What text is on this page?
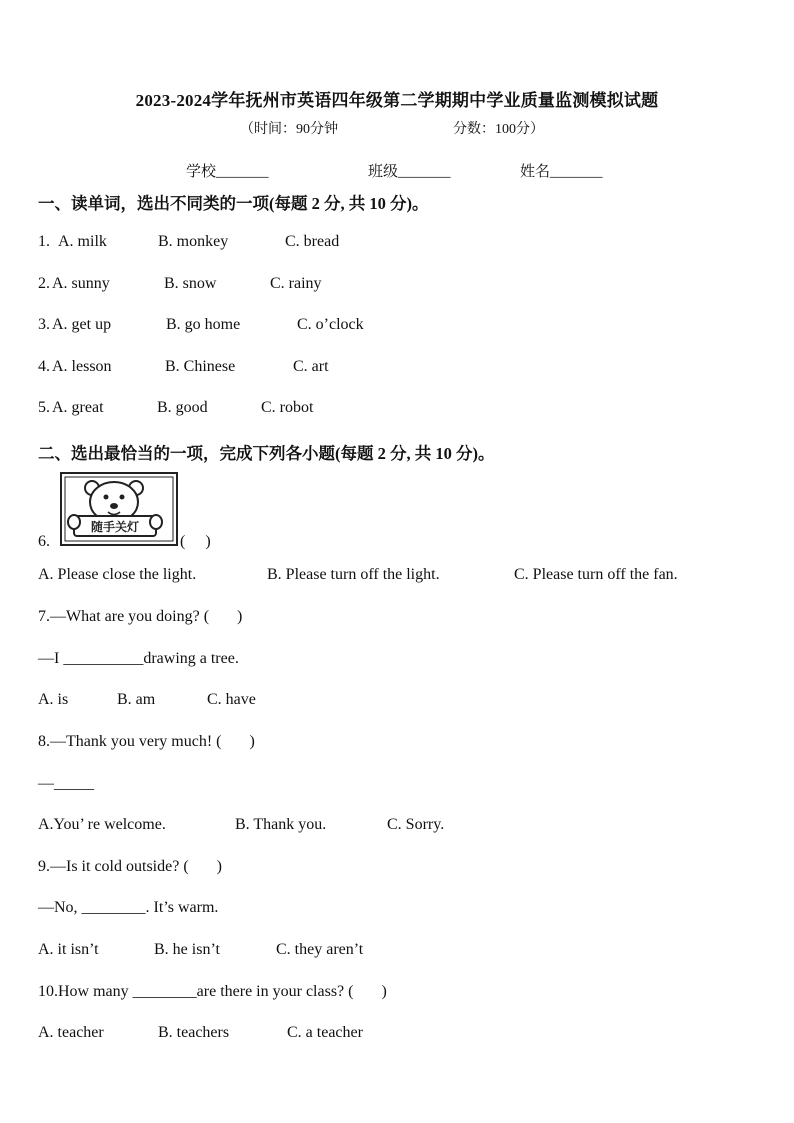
2023-2024学年抚州市英语四年级第二学期期中学业质量监测模拟试题
（时间：90分钟	分数：100分）
学校_______	班级_______	姓名_______
一、读单词，选出不同类的一项(每题 2 分, 共 10 分)。
1. A. milk	B. monkey	C. bread
2. A. sunny	B. snow	C. rainy
3. A. get up	B. go home	C. o’clock
4. A. lesson	B. Chinese	C. art
5. A. great	B. good	C. robot
二、选出最恰当的一项，完成下列各小题(每题 2 分, 共 10 分)。
6.
随手关灯
(     )
A. Please close the light.	B. Please turn off the light.	C. Please turn off the fan.
7.—What are you doing? (       )
—I __________drawing a tree.
A. is	B. am	C. have
8.—Thank you very much! (       )
—_____
A.You’ re welcome.	B. Thank you.	C. Sorry.
9.—Is it cold outside? (       )
—No, ________. It’s warm.
A. it isn’t	B. he isn’t	C. they aren’t
10.How many ________are there in your class? (       )
A. teacher	B. teachers	C. a teacher
